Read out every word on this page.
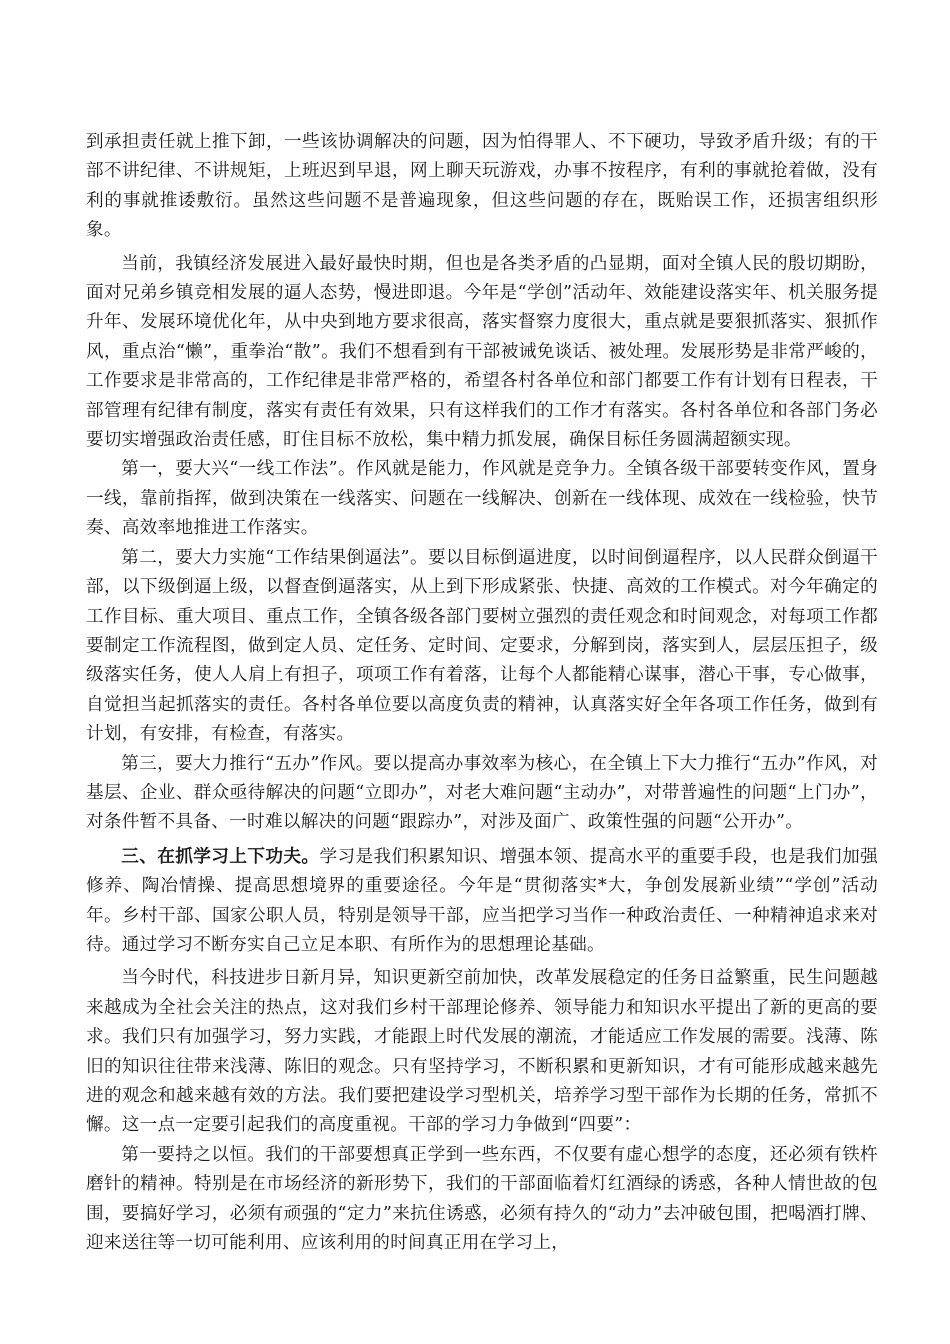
到承担责任就上推下卸，一些该协调解决的问题，因为怕得罪人、不下硬功，导致矛盾升级；有的干部不讲纪律、不讲规矩，上班迟到早退，网上聊天玩游戏，办事不按程序，有利的事就抢着做，没有利的事就推诿敷衍。虽然这些问题不是普遍现象，但这些问题的存在，既贻误工作，还损害组织形象。

当前，我镇经济发展进入最好最快时期，但也是各类矛盾的凸显期，面对全镇人民的殷切期盼，面对兄弟乡镇竞相发展的逼人态势，慢进即退。今年是“学创”活动年、效能建设落实年、机关服务提升年、发展环境优化年，从中央到地方要求很高，落实督察力度很大，重点就是要狠抓落实、狠抓作风，重点治“懒”，重拳治“散”。我们不想看到有干部被诫免谈话、被处理。发展形势是非常严峻的，工作要求是非常高的，工作纪律是非常严格的，希望各村各单位和部门都要工作有计划有日程表，干部管理有纪律有制度，落实有责任有效果，只有这样我们的工作才有落实。各村各单位和各部门务必要切实增强政治责任感，盯住目标不放松，集中精力抓发展，确保目标任务圆满超额实现。

第一，要大兴“一线工作法”。作风就是能力，作风就是竞争力。全镇各级干部要转变作风，置身一线，靠前指挥，做到决策在一线落实、问题在一线解决、创新在一线体现、成效在一线检验，快节奏、高效率地推进工作落实。

第二，要大力实施“工作结果倒逼法”。要以目标倒逼进度，以时间倒逼程序，以人民群众倒逼干部，以下级倒逼上级，以督查倒逼落实，从上到下形成紧张、快捷、高效的工作模式。对今年确定的工作目标、重大项目、重点工作，全镇各级各部门要树立强烈的责任观念和时间观念，对每项工作都要制定工作流程图，做到定人员、定任务、定时间、定要求，分解到岗，落实到人，层层压担子，级级落实任务，使人人肩上有担子，项项工作有着落，让每个人都能精心谋事，潜心干事，专心做事，自觉担当起抓落实的责任。各村各单位要以高度负责的精神，认真落实好全年各项工作任务，做到有计划，有安排，有检查，有落实。

第三，要大力推行“五办”作风。要以提高办事效率为核心，在全镇上下大力推行“五办”作风，对基层、企业、群众亟待解决的问题“立即办”，对老大难问题“主动办”，对带普遍性的问题“上门办”，对条件暂不具备、一时难以解决的问题“跟踪办”，对涉及面广、政策性强的问题“公开办”。

三、在抓学习上下功夫。学习是我们积累知识、增强本领、提高水平的重要手段，也是我们加强修养、陶冶情操、提高思想境界的重要途径。今年是“贯彻落实*大，争创发展新业绩”“学创”活动年。乡村干部、国家公职人员，特别是领导干部，应当把学习当作一种政治责任、一种精神追求来对待。通过学习不断夯实自己立足本职、有所作为的思想理论基础。

当今时代，科技进步日新月异，知识更新空前加快，改革发展稳定的任务日益繁重，民生问题越来越成为全社会关注的热点，这对我们乡村干部理论修养、领导能力和知识水平提出了新的更高的要求。我们只有加强学习，努力实践，才能跟上时代发展的潮流，才能适应工作发展的需要。浅薄、陈旧的知识往往带来浅薄、陈旧的观念。只有坚持学习，不断积累和更新知识，才有可能形成越来越先进的观念和越来越有效的方法。我们要把建设学习型机关，培养学习型干部作为长期的任务，常抓不懈。这一点一定要引起我们的高度重视。干部的学习力争做到“四要”：

第一要持之以恒。我们的干部要想真正学到一些东西，不仅要有虚心想学的态度，还必须有铁杵磨针的精神。特别是在市场经济的新形势下，我们的干部面临着灯红酒绿的诱惑，各种人情世故的包围，要搞好学习，必须有顽强的“定力”来抗住诱惑，必须有持久的“动力”去冲破包围，把喝酒打牌、迎来送往等一切可能利用、应该利用的时间真正用在学习上，
